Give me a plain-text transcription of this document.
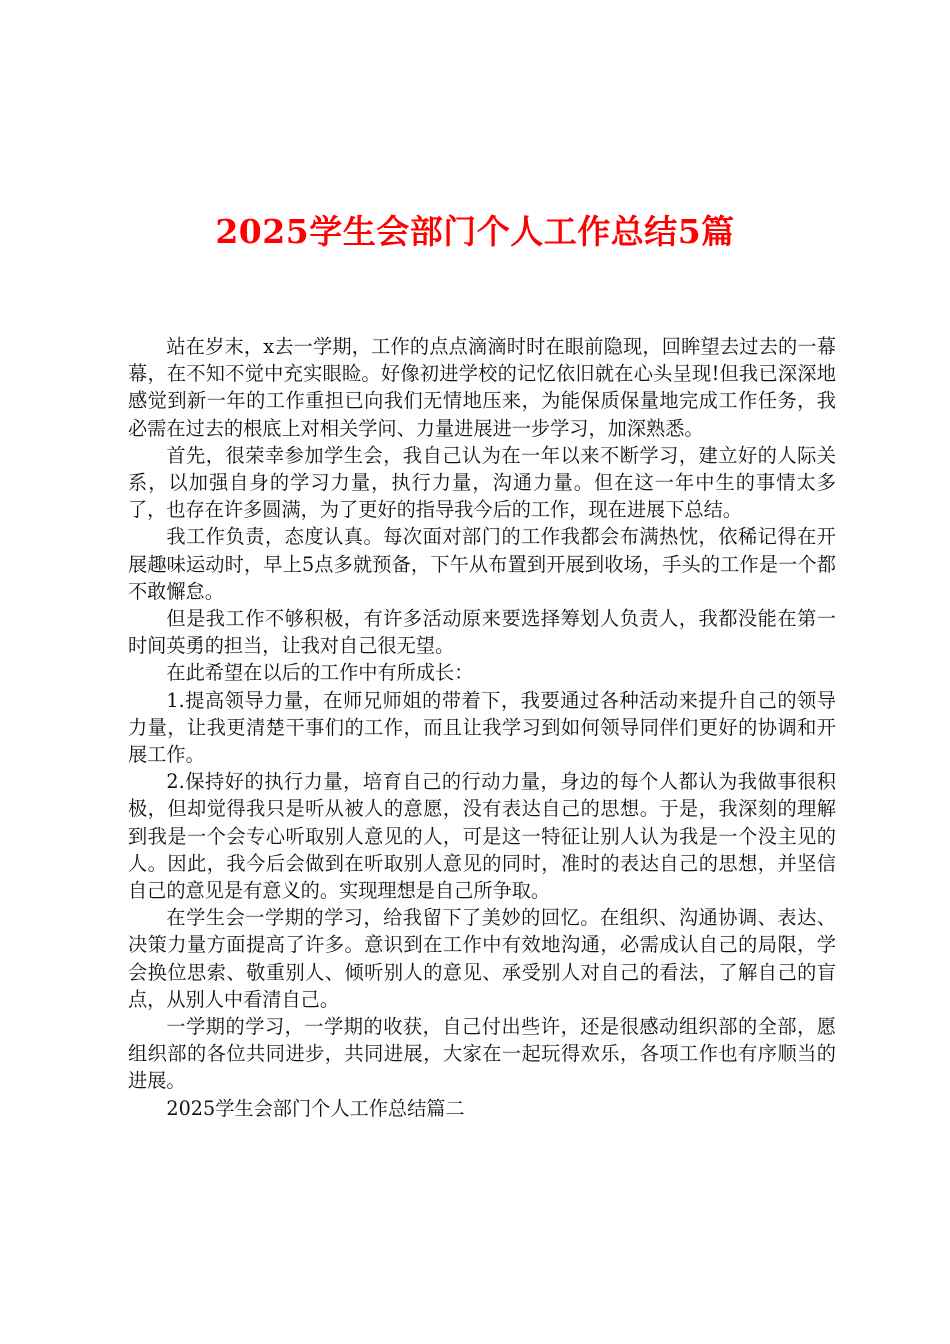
2025学生会部门个人工作总结5篇

站在岁末，x去一学期，工作的点点滴滴时时在眼前隐现，回眸望去过去的一幕幕，在不知不觉中充实眼睑。好像初进学校的记忆依旧就在心头呈现!但我已深深地感觉到新一年的工作重担已向我们无情地压来，为能保质保量地完成工作任务，我必需在过去的根底上对相关学问、力量进展进一步学习，加深熟悉。

首先，很荣幸参加学生会，我自己认为在一年以来不断学习，建立好的人际关系，以加强自身的学习力量，执行力量，沟通力量。但在这一年中生的事情太多了，也存在许多圆满，为了更好的指导我今后的工作，现在进展下总结。

我工作负责，态度认真。每次面对部门的工作我都会布满热忱，依稀记得在开展趣味运动时，早上5点多就预备，下午从布置到开展到收场，手头的工作是一个都不敢懈怠。

但是我工作不够积极，有许多活动原来要选择筹划人负责人，我都没能在第一时间英勇的担当，让我对自己很无望。

在此希望在以后的工作中有所成长：

1.提高领导力量，在师兄师姐的带着下，我要通过各种活动来提升自己的领导力量，让我更清楚干事们的工作，而且让我学习到如何领导同伴们更好的协调和开展工作。

2.保持好的执行力量，培育自己的行动力量，身边的每个人都认为我做事很积极，但却觉得我只是听从被人的意愿，没有表达自己的思想。于是，我深刻的理解到我是一个会专心听取别人意见的人，可是这一特征让别人认为我是一个没主见的人。因此，我今后会做到在听取别人意见的同时，准时的表达自己的思想，并坚信自己的意见是有意义的。实现理想是自己所争取。

在学生会一学期的学习，给我留下了美妙的回忆。在组织、沟通协调、表达、决策力量方面提高了许多。意识到在工作中有效地沟通，必需成认自己的局限，学会换位思索、敬重别人、倾听别人的意见、承受别人对自己的看法，了解自己的盲点，从别人中看清自己。

一学期的学习，一学期的收获，自己付出些许，还是很感动组织部的全部，愿组织部的各位共同进步，共同进展，大家在一起玩得欢乐，各项工作也有序顺当的进展。

2025学生会部门个人工作总结篇二
